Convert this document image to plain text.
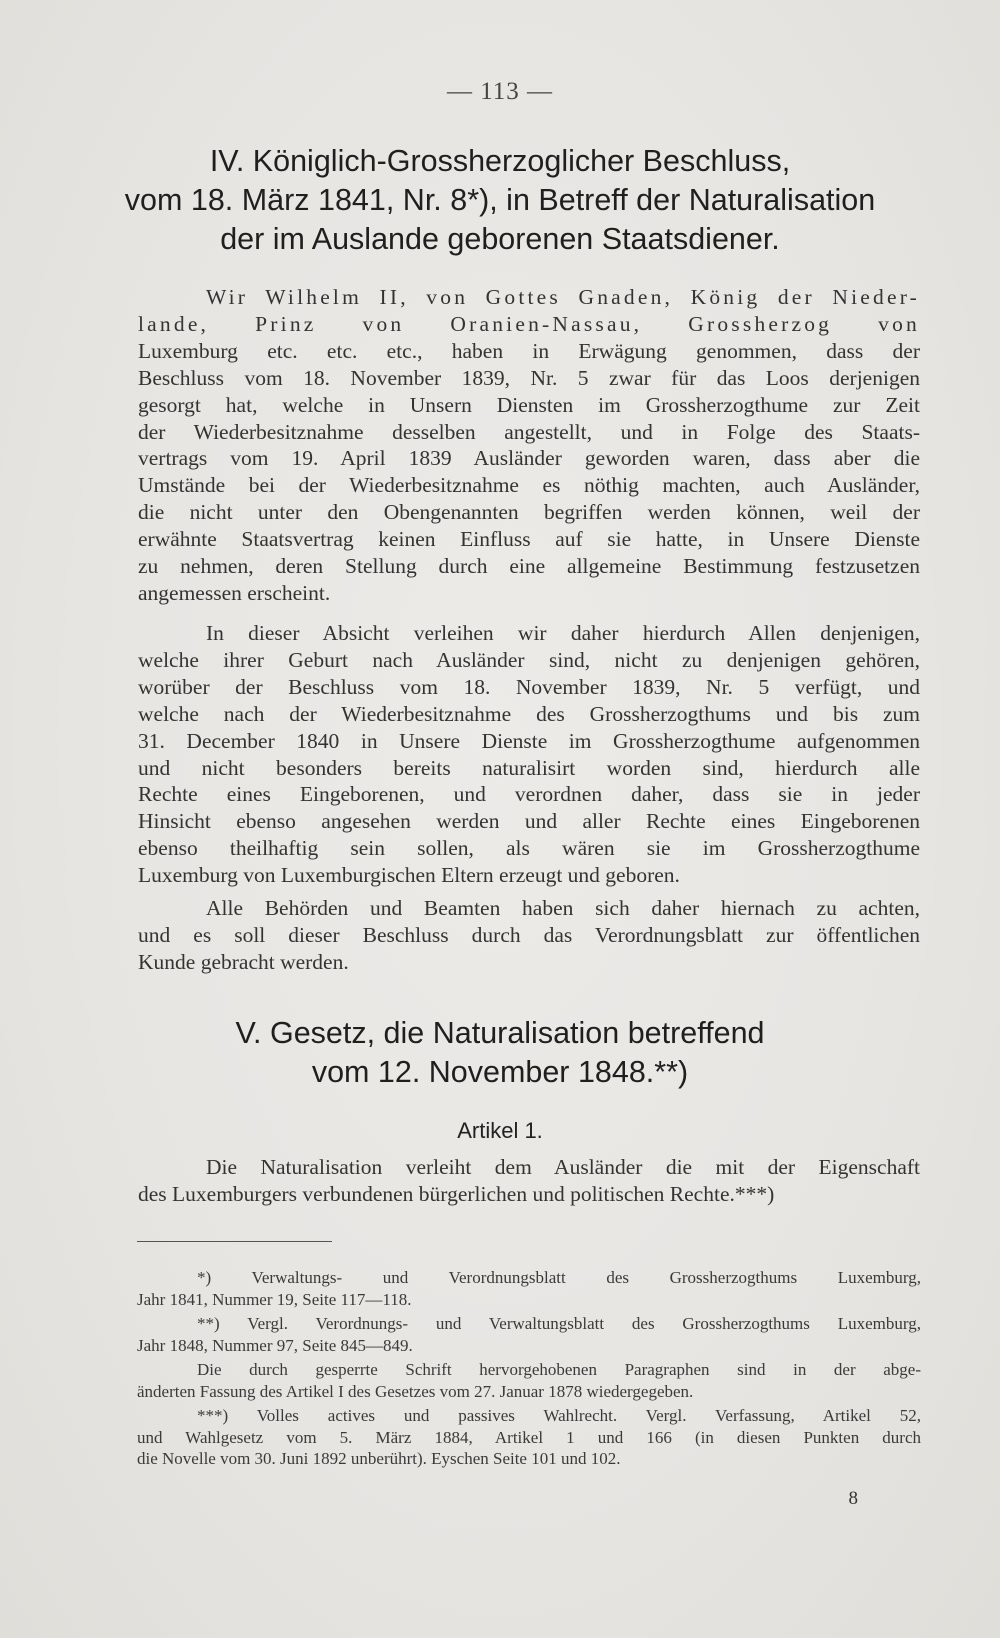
— 113 —
IV. Königlich-Grossherzoglicher Beschluss,
vom 18. März 1841, Nr. 8*), in Betreff der Naturalisation
der im Auslande geborenen Staatsdiener.

Wir Wilhelm II, von Gottes Gnaden, König der Nieder-
lande, Prinz von Oranien-Nassau, Grossherzog von
Luxemburg etc. etc. etc., haben in Erwägung genommen, dass der
Beschluss vom 18. November 1839, Nr. 5 zwar für das Loos derjenigen
gesorgt hat, welche in Unsern Diensten im Grossherzogthume zur Zeit
der Wiederbesitznahme desselben angestellt, und in Folge des Staats-
vertrags vom 19. April 1839 Ausländer geworden waren, dass aber die
Umstände bei der Wiederbesitznahme es nöthig machten, auch Ausländer,
die nicht unter den Obengenannten begriffen werden können, weil der
erwähnte Staatsvertrag keinen Einfluss auf sie hatte, in Unsere Dienste
zu nehmen, deren Stellung durch eine allgemeine Bestimmung festzusetzen
angemessen erscheint.

In dieser Absicht verleihen wir daher hierdurch Allen denjenigen,
welche ihrer Geburt nach Ausländer sind, nicht zu denjenigen gehören,
worüber der Beschluss vom 18. November 1839, Nr. 5 verfügt, und
welche nach der Wiederbesitznahme des Grossherzogthums und bis zum
31. December 1840 in Unsere Dienste im Grossherzogthume aufgenommen
und nicht besonders bereits naturalisirt worden sind, hierdurch alle
Rechte eines Eingeborenen, und verordnen daher, dass sie in jeder
Hinsicht ebenso angesehen werden und aller Rechte eines Eingeborenen
ebenso theilhaftig sein sollen, als wären sie im Grossherzogthume
Luxemburg von Luxemburgischen Eltern erzeugt und geboren.

Alle Behörden und Beamten haben sich daher hiernach zu achten,
und es soll dieser Beschluss durch das Verordnungsblatt zur öffentlichen
Kunde gebracht werden.

V. Gesetz, die Naturalisation betreffend
vom 12. November 1848.**)
Artikel 1.

Die Naturalisation verleiht dem Ausländer die mit der Eigenschaft
des Luxemburgers verbundenen bürgerlichen und politischen Rechte.***)

*) Verwaltungs- und Verordnungsblatt des Grossherzogthums Luxemburg,
Jahr 1841, Nummer 19, Seite 117—118.
**) Vergl. Verordnungs- und Verwaltungsblatt des Grossherzogthums Luxemburg,
Jahr 1848, Nummer 97, Seite 845—849.
Die durch gesperrte Schrift hervorgehobenen Paragraphen sind in der abge-
änderten Fassung des Artikel I des Gesetzes vom 27. Januar 1878 wiedergegeben.
***) Volles actives und passives Wahlrecht. Vergl. Verfassung, Artikel 52,
und Wahlgesetz vom 5. März 1884, Artikel 1 und 166 (in diesen Punkten durch
die Novelle vom 30. Juni 1892 unberührt). Eyschen Seite 101 und 102.
8
